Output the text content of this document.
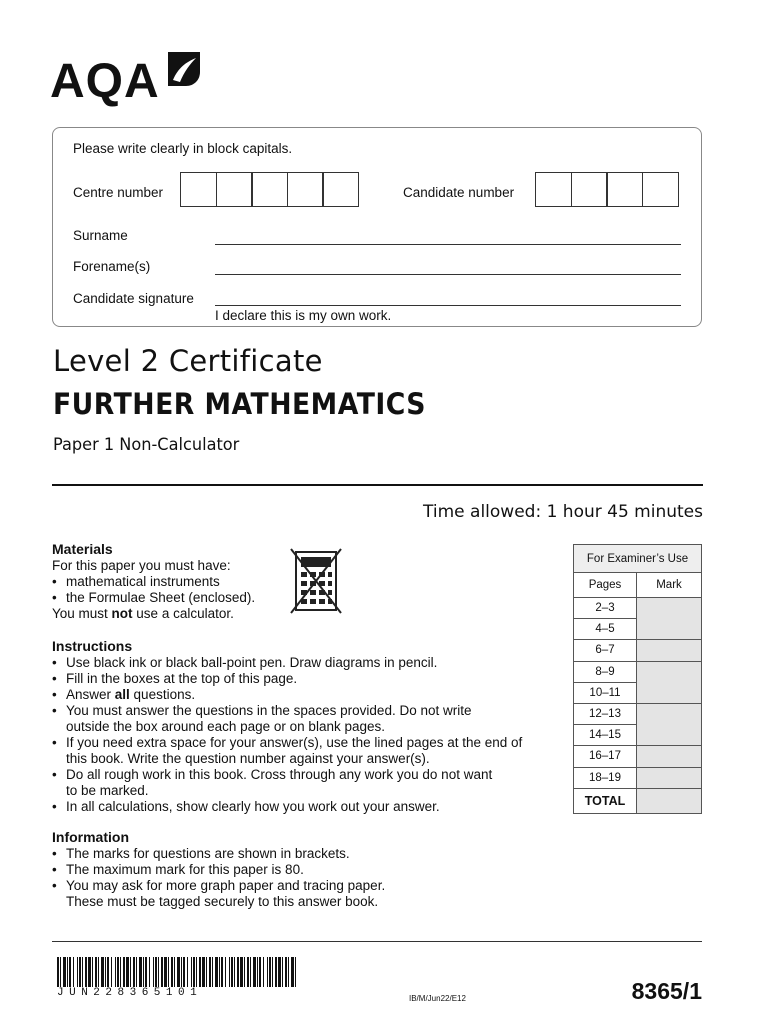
AQA
Please write clearly in block capitals.
Centre number	Candidate number
Surname
Forename(s)
Candidate signature
I declare this is my own work.
Level 2 Certificate
FURTHER MATHEMATICS
Paper 1 Non-Calculator
Time allowed: 1 hour 45 minutes
Materials
For this paper you must have:
• mathematical instruments
• the Formulae Sheet (enclosed).
You must not use a calculator.
Instructions
• Use black ink or black ball-point pen. Draw diagrams in pencil.
• Fill in the boxes at the top of this page.
• Answer all questions.
• You must answer the questions in the spaces provided. Do not write
outside the box around each page or on blank pages.
• If you need extra space for your answer(s), use the lined pages at the end of
this book. Write the question number against your answer(s).
• Do all rough work in this book. Cross through any work you do not want
to be marked.
• In all calculations, show clearly how you work out your answer.
Information
• The marks for questions are shown in brackets.
• The maximum mark for this paper is 80.
• You may ask for more graph paper and tracing paper.
These must be tagged securely to this answer book.
For Examiner’s Use	
Pages	Mark
2–3	
4–5	
6–7	
8–9	
10–11	
12–13	
14–15	
16–17	
18–19	
TOTAL	
JUN228365101	IB/M/Jun22/E12	8365/1
